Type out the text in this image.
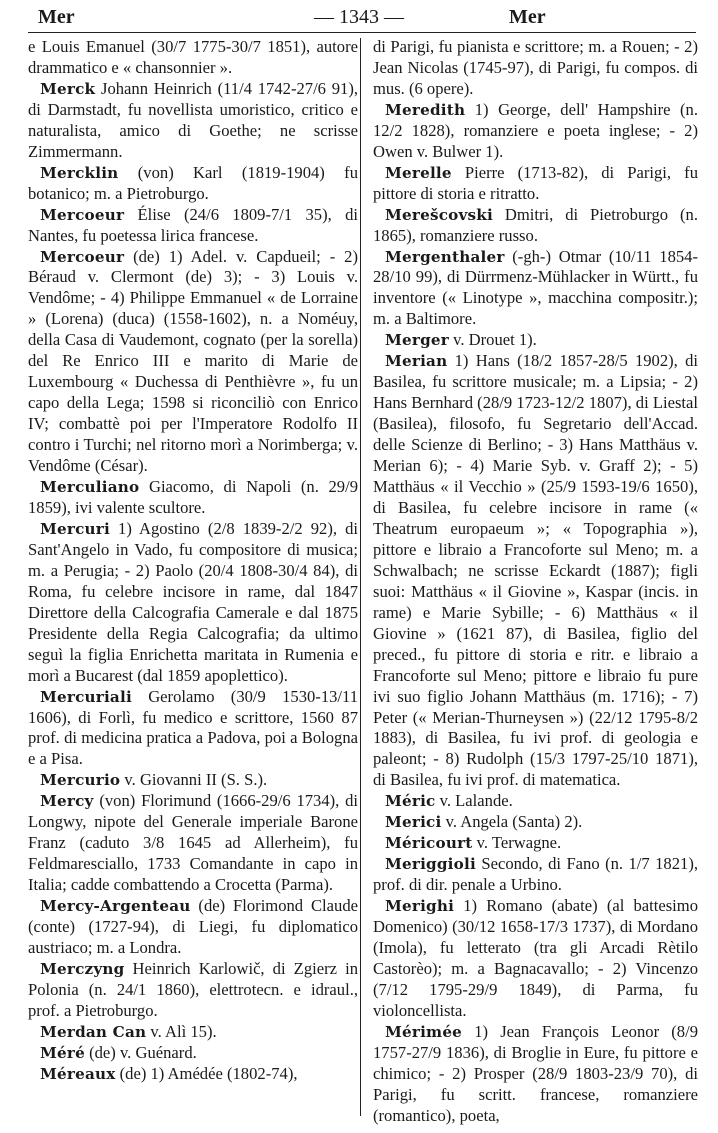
Mer	— 1343 —	Mer

e Louis Emanuel (30/7 1775-30/7 1851), autore drammatico e « chansonnier ».

Merck Johann Heinrich (11/4 1742-27/6 91), di Darmstadt, fu novellista umoristico, critico e naturalista, amico di Goethe; ne scrisse Zimmermann.

Mercklin (von) Karl (1819-1904) fu botanico; m. a Pietroburgo.

Mercoeur Élise (24/6 1809-7/1 35), di Nantes, fu poetessa lirica francese.

Mercoeur (de) 1) Adel. v. Capdueil; - 2) Béraud v. Clermont (de) 3); - 3) Louis v. Vendôme; - 4) Philippe Emmanuel « de Lorraine » (Lorena) (duca) (1558-1602), n. a Noméuy, della Casa di Vaudemont, cognato (per la sorella) del Re Enrico III e marito di Marie de Luxembourg « Duchessa di Penthièvre », fu un capo della Lega; 1598 si riconciliò con Enrico IV; combattè poi per l'Imperatore Rodolfo II contro i Turchi; nel ritorno morì a Norimberga; v. Vendôme (César).

Merculiano Giacomo, di Napoli (n. 29/9 1859), ivi valente scultore.

Mercuri 1) Agostino (2/8 1839-2/2 92), di Sant'Angelo in Vado, fu compositore di musica; m. a Perugia; - 2) Paolo (20/4 1808-30/4 84), di Roma, fu celebre incisore in rame, dal 1847 Direttore della Calcografia Camerale e dal 1875 Presidente della Regia Calcografia; da ultimo seguì la figlia Enrichetta maritata in Rumenia e morì a Bucarest (dal 1859 apoplettico).

Mercuriali Gerolamo (30/9 1530-13/11 1606), di Forlì, fu medico e scrittore, 1560 87 prof. di medicina pratica a Padova, poi a Bologna e a Pisa.

Mercurio v. Giovanni II (S. S.).

Mercy (von) Florimund (1666-29/6 1734), di Longwy, nipote del Generale imperiale Barone Franz (caduto 3/8 1645 ad Allerheim), fu Feldmaresciallo, 1733 Comandante in capo in Italia; cadde combattendo a Crocetta (Parma).

Mercy-Argenteau (de) Florimond Claude (conte) (1727-94), di Liegi, fu diplomatico austriaco; m. a Londra.

Merczyng Heinrich Karlowič, di Zgierz in Polonia (n. 24/1 1860), elettrotecn. e idraul., prof. a Pietroburgo.

Merdan Can v. Alì 15).

Méré (de) v. Guénard.

Méreaux (de) 1) Amédée (1802-74),

di Parigi, fu pianista e scrittore; m. a Rouen; - 2) Jean Nicolas (1745-97), di Parigi, fu compos. di mus. (6 opere).

Meredith 1) George, dell' Hampshire (n. 12/2 1828), romanziere e poeta inglese; - 2) Owen v. Bulwer 1).

Merelle Pierre (1713-82), di Parigi, fu pittore di storia e ritratto.

Merešcovski Dmitri, di Pietroburgo (n. 1865), romanziere russo.

Mergenthaler (-gh-) Otmar (10/11 1854-28/10 99), di Dürrmenz-Mühlacker in Württ., fu inventore (« Linotype », macchina compositr.); m. a Baltimore.

Merger v. Drouet 1).

Merian 1) Hans (18/2 1857-28/5 1902), di Basilea, fu scrittore musicale; m. a Lipsia; - 2) Hans Bernhard (28/9 1723-12/2 1807), di Liestal (Basilea), filosofo, fu Segretario dell'Accad. delle Scienze di Berlino; - 3) Hans Matthäus v. Merian 6); - 4) Marie Syb. v. Graff 2); - 5) Matthäus « il Vecchio » (25/9 1593-19/6 1650), di Basilea, fu celebre incisore in rame (« Theatrum europaeum »; « Topographia »), pittore e libraio a Francoforte sul Meno; m. a Schwalbach; ne scrisse Eckardt (1887); figli suoi: Matthäus « il Giovine », Kaspar (incis. in rame) e Marie Sybille; - 6) Matthäus « il Giovine » (1621 87), di Basilea, figlio del preced., fu pittore di storia e ritr. e libraio a Francoforte sul Meno; pittore e libraio fu pure ivi suo figlio Johann Matthäus (m. 1716); - 7) Peter (« Merian-Thurneysen ») (22/12 1795-8/2 1883), di Basilea, fu ivi prof. di geologia e paleont; - 8) Rudolph (15/3 1797-25/10 1871), di Basilea, fu ivi prof. di matematica.

Méric v. Lalande.

Merici v. Angela (Santa) 2).

Méricourt v. Terwagne.

Meriggioli Secondo, di Fano (n. 1/7 1821), prof. di dir. penale a Urbino.

Merighi 1) Romano (abate) (al battesimo Domenico) (30/12 1658-17/3 1737), di Mordano (Imola), fu letterato (tra gli Arcadi Rètilo Castorèo); m. a Bagnacavallo; - 2) Vincenzo (7/12 1795-29/9 1849), di Parma, fu violoncellista.

Mérimée 1) Jean François Leonor (8/9 1757-27/9 1836), di Broglie in Eure, fu pittore e chimico; - 2) Prosper (28/9 1803-23/9 70), di Parigi, fu scritt. francese, romanziere (romantico), poeta,
